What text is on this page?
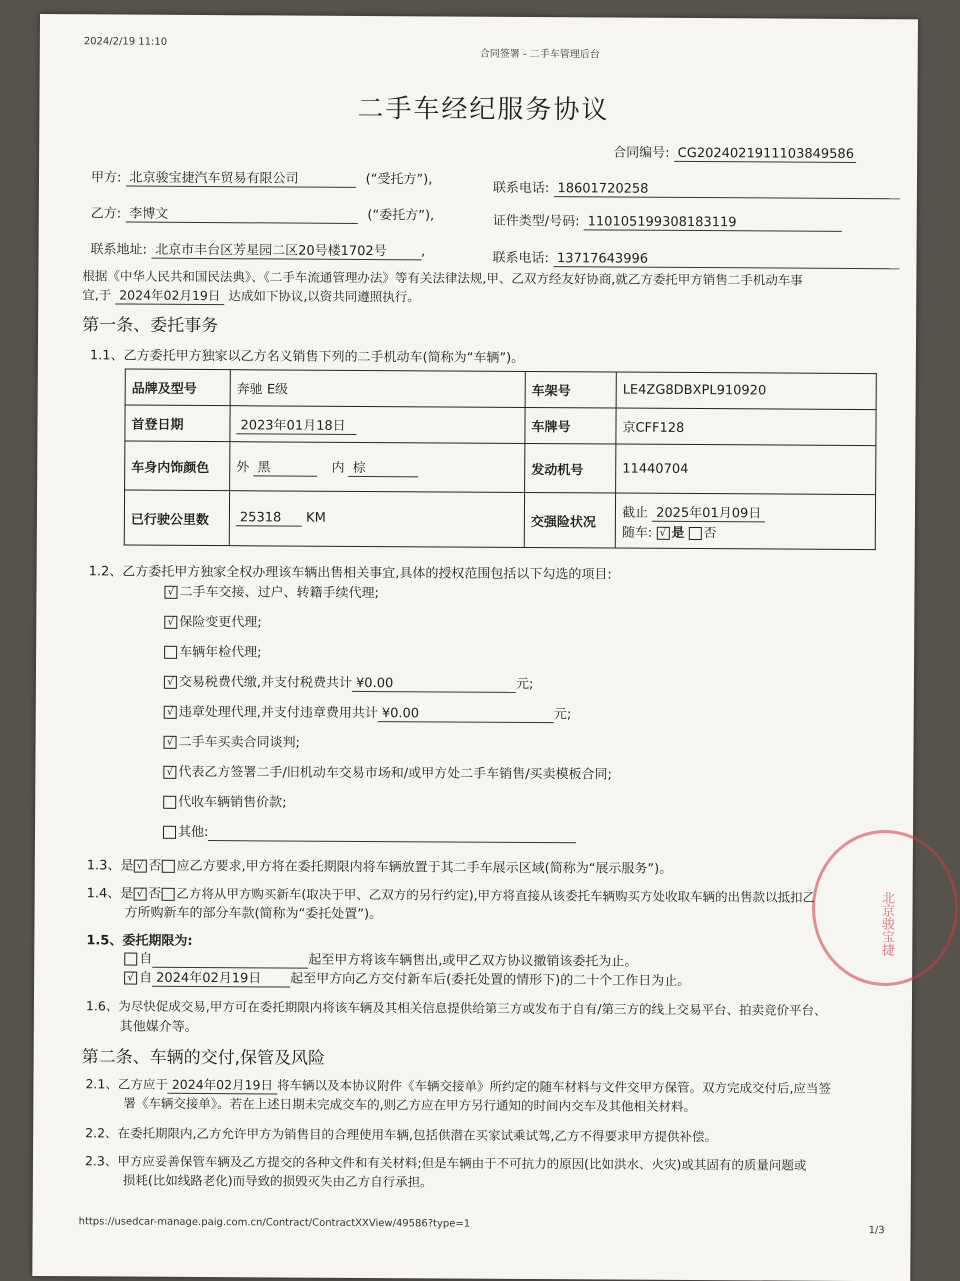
2024/2/19 11:10
合同签署 - 二手车管理后台
二手车经纪服务协议
合同编号: CG2024021911103849586
甲方: 北京骏宝捷汽车贸易有限公司	(“受托方”),
联系电话: 18601720258
乙方: 李博文	(“委托方”),	证件类型/号码: 110105199308183119
联系地址: 北京市丰台区芳星园二区20号楼1702号	,	联系电话: 13717643996
根据《中华人民共和国民法典》、《二手车流通管理办法》等有关法律法规,甲、乙双方经友好协商,就乙方委托甲方销售二手机动车事
宜,于 2024年02月19日 达成如下协议,以资共同遵照执行。
第一条、委托事务
1.1、乙方委托甲方独家以乙方名义销售下列的二手机动车(简称为“车辆”)。
品牌及型号	奔驰 E级	车架号	LE4ZG8DBXPL910920
首登日期	2023年01月18日	车牌号	京CFF128
车身内饰颜色	外 黑 内 棕	发动机号	11440704
已行驶公里数	25318 KM	交强险状况	截止 2025年01月09日
随车: √ 是 否
1.2、乙方委托甲方独家全权办理该车辆出售相关事宜,具体的授权范围包括以下勾选的项目:
√ 二手车交接、过户、转籍手续代理;
√ 保险变更代理;
车辆年检代理;
√ 交易税费代缴,并支付税费共计 ¥0.00	元;
√ 违章处理代理,并支付违章费用共计 ¥0.00	元;
√ 二手车买卖合同谈判;
√ 代表乙方签署二手/旧机动车交易市场和/或甲方处二手车销售/买卖模板合同;
代收车辆销售价款;
其他:
1.3、是 √ 否 应乙方要求,甲方将在委托期限内将车辆放置于其二手车展示区域(简称为“展示服务”)。
1.4、是 √ 否 乙方将从甲方购买新车(取决于甲、乙双方的另行约定),甲方将直接从该委托车辆购买方处收取车辆的出售款以抵扣乙
方所购新车的部分车款(简称为“委托处置”)。
1.5、委托期限为:
自	起至甲方将该车辆售出,或甲乙双方协议撤销该委托为止。
√ 自 2024年02月19日 起至甲方向乙方交付新车后(委托处置的情形下)的二十个工作日为止。
1.6、为尽快促成交易,甲方可在委托期限内将该车辆及其相关信息提供给第三方或发布于自有/第三方的线上交易平台、拍卖竞价平台、
其他媒介等。
第二条、车辆的交付,保管及风险
2.1、乙方应于 2024年02月19日 将车辆以及本协议附件《车辆交接单》所约定的随车材料与文件交甲方保管。双方完成交付后,应当签
署《车辆交接单》。若在上述日期未完成交车的,则乙方应在甲方另行通知的时间内交车及其他相关材料。
2.2、在委托期限内,乙方允许甲方为销售目的合理使用车辆,包括供潜在买家试乘试驾,乙方不得要求甲方提供补偿。
2.3、甲方应妥善保管车辆及乙方提交的各种文件和有关材料;但是车辆由于不可抗力的原因(比如洪水、火灾)或其固有的质量问题或
损耗(比如线路老化)而导致的损毁灭失由乙方自行承担。
https://usedcar-manage.paig.com.cn/Contract/ContractXXView/49586?type=1
1/3
北京骏宝捷
